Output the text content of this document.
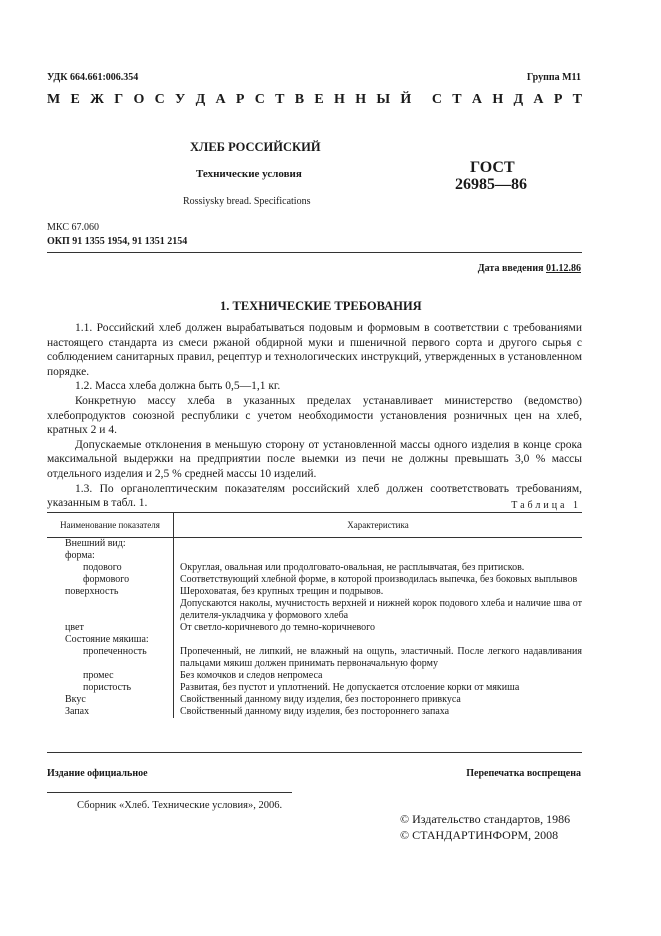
УДК 664.661:006.354	Группа М11
М Е Ж Г О С У Д А Р С Т В Е Н Н Ы Й С Т А Н Д А Р Т
ХЛЕБ РОССИЙСКИЙ
Технические условия
Rossiysky bread. Specifications
ГОСТ
26985—86
МКС 67.060
ОКП 91 1355 1954, 91 1351 2154
Дата введения 01.12.86
1. ТЕХНИЧЕСКИЕ ТРЕБОВАНИЯ

1.1. Российский хлеб должен вырабатываться подовым и формовым в соответствии с требованиями настоящего стандарта из смеси ржаной обдирной муки и пшеничной первого сорта и другого сырья с соблюдением санитарных правил, рецептур и технологических инструкций, утвержденных в установленном порядке.

1.2. Масса хлеба должна быть 0,5—1,1 кг.

Конкретную массу хлеба в указанных пределах устанавливает министерство (ведомство) хлебопродуктов союзной республики с учетом необходимости установления розничных цен на хлеб, кратных 2 и 4.

Допускаемые отклонения в меньшую сторону от установленной массы одного изделия в конце срока максимальной выдержки на предприятии после выемки из печи не должны превышать 3,0 % массы отдельного изделия и 2,5 % средней массы 10 изделий.

1.3. По органолептическим показателям российский хлеб должен соответствовать требованиям, указанным в табл. 1.	Таблица 1
Наименование показателя	Характеристика
Внешний вид:	
форма:	
подового	Округлая, овальная или продолговато-овальная, не расплывчатая, без притисков.
формового	Соответствующий хлебной форме, в которой производилась выпечка, без боковых выплывов
поверхность	Шероховатая, без крупных трещин и подрывов.
	Допускаются наколы, мучнистость верхней и нижней корок подового хлеба и наличие шва от делителя-укладчика у формового хлеба
цвет	От светло-коричневого до темно-коричневого
Состояние мякиша:	
пропеченность	Пропеченный, не липкий, не влажный на ощупь, эластичный. После легкого надавливания пальцами мякиш должен принимать первоначальную форму
промес	Без комочков и следов непромеса
пористость	Развитая, без пустот и уплотнений. Не допускается отслоение корки от мякиша
Вкус	Свойственный данному виду изделия, без постороннего привкуса
Запах	Свойственный данному виду изделия, без постороннего запаха
Издание официальное	Перепечатка воспрещена
Сборник «Хлеб. Технические условия», 2006.
© Издательство стандартов, 1986
© СТАНДАРТИНФОРМ, 2008
